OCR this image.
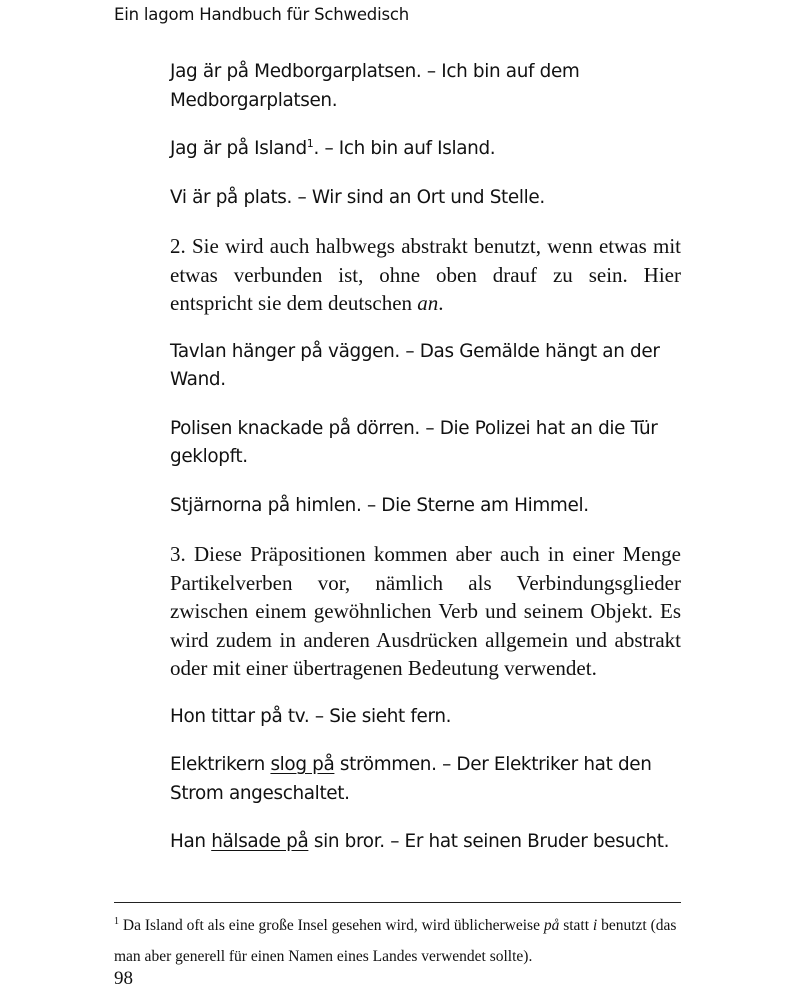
Ein lagom Handbuch für Schwedisch

Jag är på Medborgarplatsen. – Ich bin auf dem Medborgarplatsen.

Jag är på Island$^1$. – Ich bin auf Island.

Vi är på plats. – Wir sind an Ort und Stelle.

2. Sie wird auch halbwegs abstrakt benutzt, wenn etwas mit etwas verbunden ist, ohne oben drauf zu sein. Hier entspricht sie dem deutschen an.

Tavlan hänger på väggen. – Das Gemälde hängt an der Wand.

Polisen knackade på dörren. – Die Polizei hat an die Tür geklopft.

Stjärnorna på himlen. – Die Sterne am Himmel.

3. Diese Präpositionen kommen aber auch in einer Menge Partikelverben vor, nämlich als Verbindungsglieder zwischen einem gewöhnlichen Verb und seinem Objekt. Es wird zudem in anderen Ausdrücken allgemein und abstrakt oder mit einer übertragenen Bedeutung verwendet.

Hon tittar på tv. – Sie sieht fern.

Elektrikern slog på strömmen. – Der Elektriker hat den Strom angeschaltet.

Han hälsade på sin bror. – Er hat seinen Bruder besucht.

$^1$ Da Island oft als eine große Insel gesehen wird, wird üblicherweise på statt i benutzt (das man aber generell für einen Namen eines Landes verwendet sollte).
98
